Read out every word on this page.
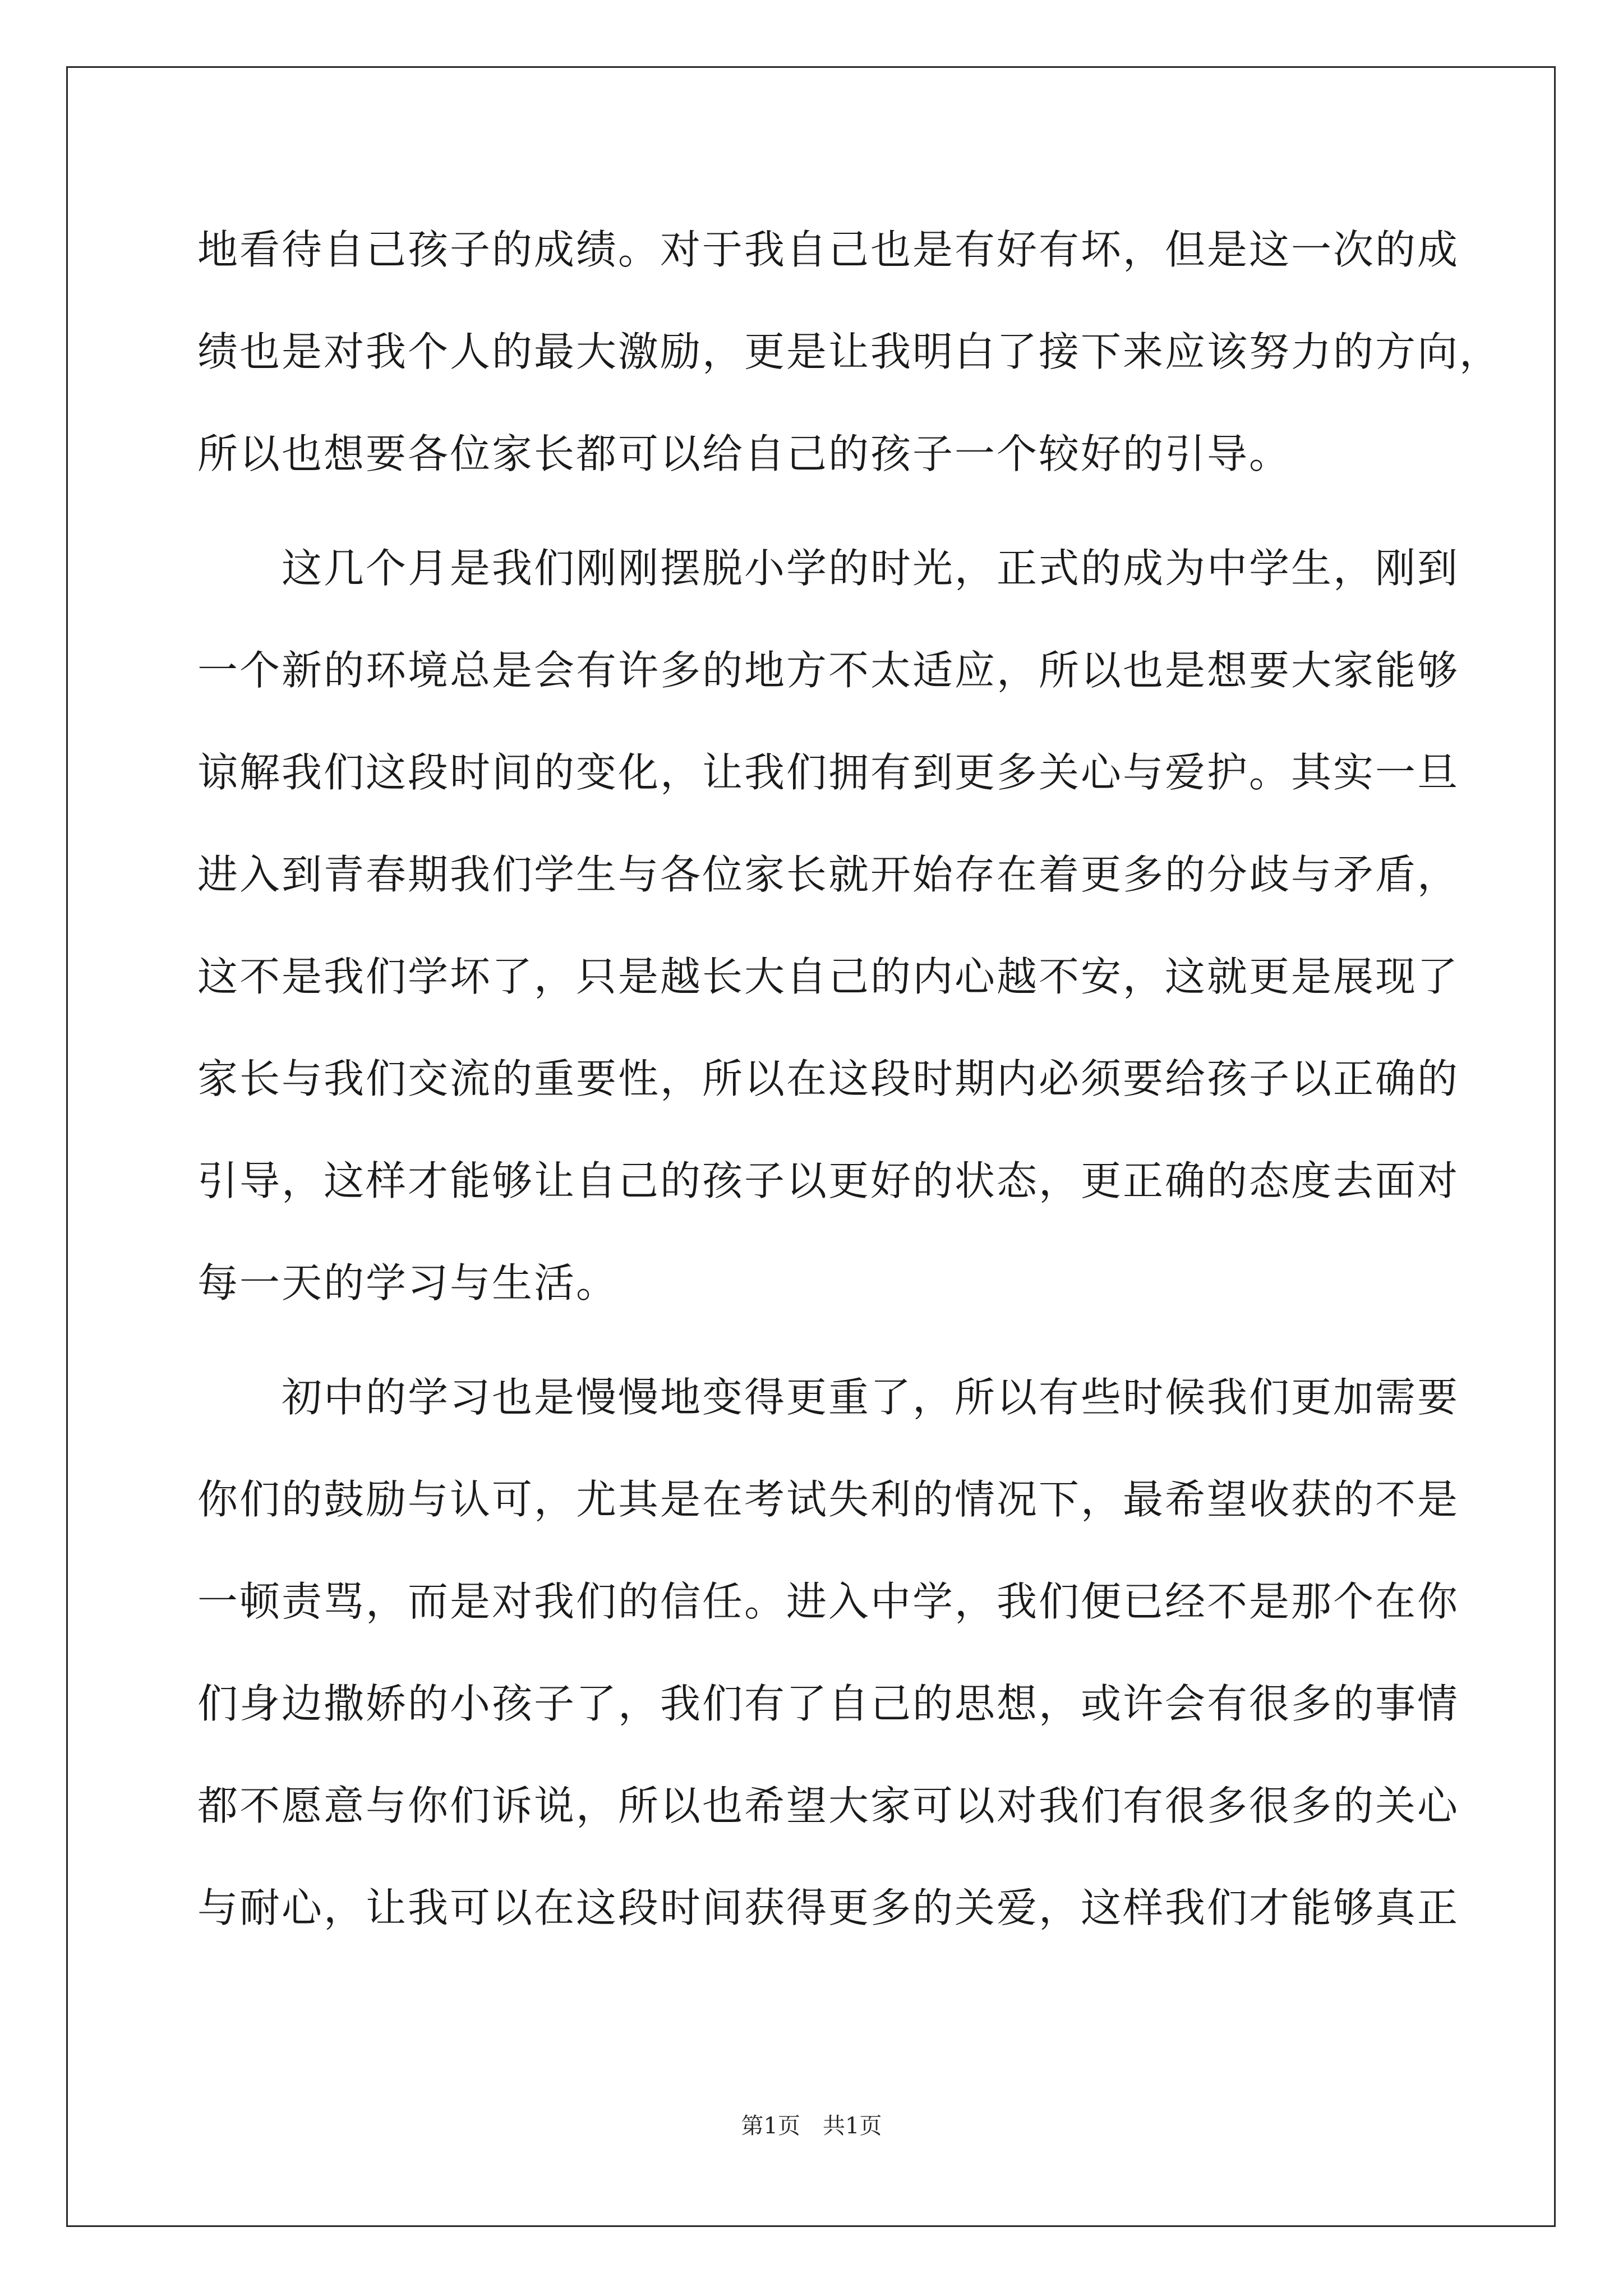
地看待自己孩子的成绩。对于我自己也是有好有坏，但是这一次的成
绩也是对我个人的最大激励，更是让我明白了接下来应该努力的方向，
所以也想要各位家长都可以给自己的孩子一个较好的引导。
这几个月是我们刚刚摆脱小学的时光，正式的成为中学生，刚到
一个新的环境总是会有许多的地方不太适应，所以也是想要大家能够
谅解我们这段时间的变化，让我们拥有到更多关心与爱护。其实一旦
进入到青春期我们学生与各位家长就开始存在着更多的分歧与矛盾，
这不是我们学坏了，只是越长大自己的内心越不安，这就更是展现了
家长与我们交流的重要性，所以在这段时期内必须要给孩子以正确的
引导，这样才能够让自己的孩子以更好的状态，更正确的态度去面对
每一天的学习与生活。
初中的学习也是慢慢地变得更重了，所以有些时候我们更加需要
你们的鼓励与认可，尤其是在考试失利的情况下，最希望收获的不是
一顿责骂，而是对我们的信任。进入中学，我们便已经不是那个在你
们身边撒娇的小孩子了，我们有了自己的思想，或许会有很多的事情
都不愿意与你们诉说，所以也希望大家可以对我们有很多很多的关心
与耐心，让我可以在这段时间获得更多的关爱，这样我们才能够真正
第1页　共1页
